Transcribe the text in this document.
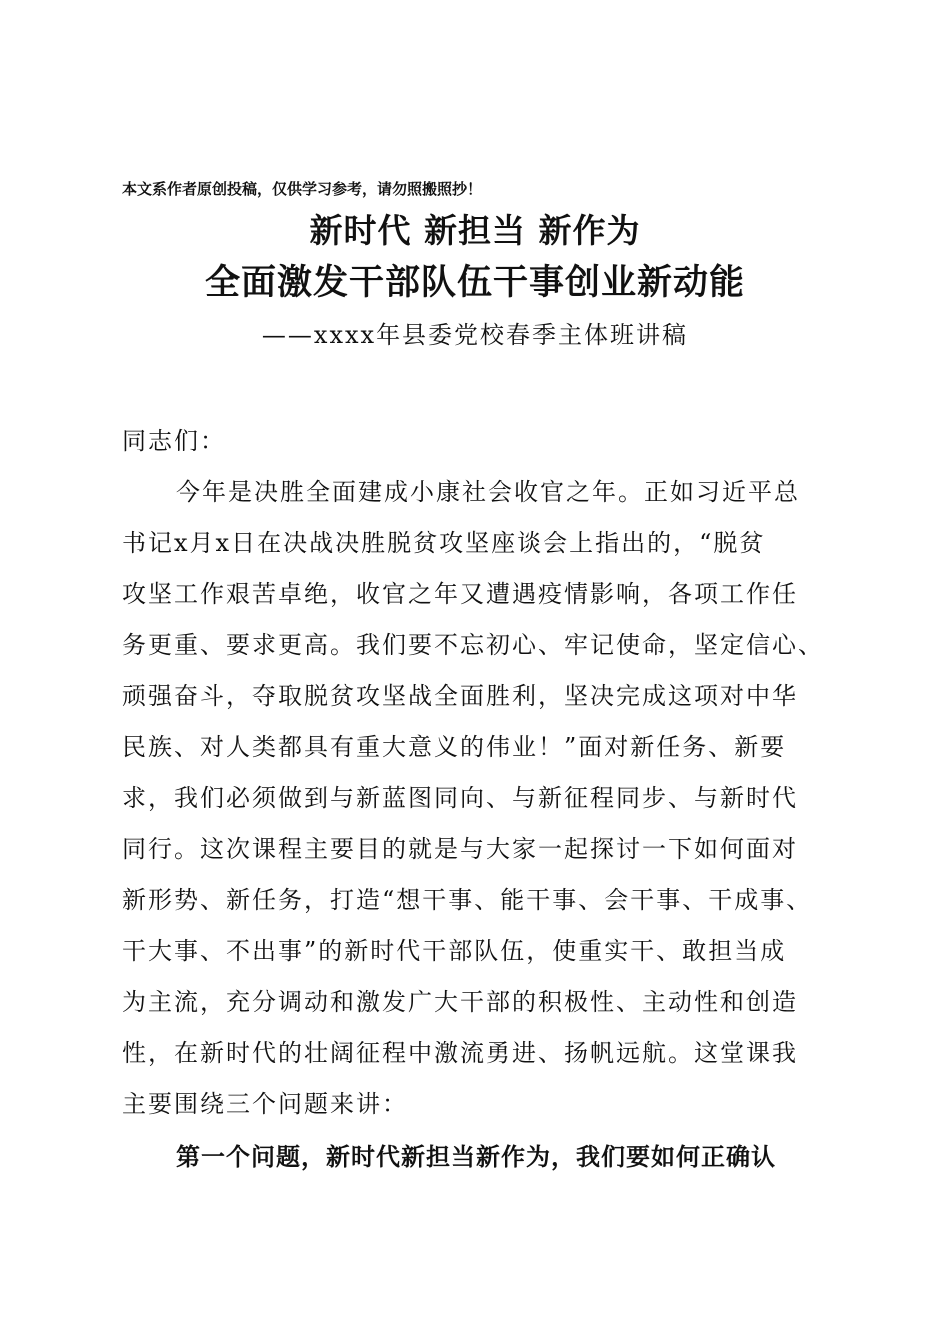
本文系作者原创投稿，仅供学习参考，请勿照搬照抄！
新时代 新担当 新作为
全面激发干部队伍干事创业新动能
——xxxx年县委党校春季主体班讲稿
同志们：
今年是决胜全面建成小康社会收官之年。正如习近平总
书记x月x日在决战决胜脱贫攻坚座谈会上指出的，“脱贫
攻坚工作艰苦卓绝，收官之年又遭遇疫情影响，各项工作任
务更重、要求更高。我们要不忘初心、牢记使命，坚定信心、
顽强奋斗，夺取脱贫攻坚战全面胜利，坚决完成这项对中华
民族、对人类都具有重大意义的伟业！”面对新任务、新要
求，我们必须做到与新蓝图同向、与新征程同步、与新时代
同行。这次课程主要目的就是与大家一起探讨一下如何面对
新形势、新任务，打造“想干事、能干事、会干事、干成事、
干大事、不出事”的新时代干部队伍，使重实干、敢担当成
为主流，充分调动和激发广大干部的积极性、主动性和创造
性，在新时代的壮阔征程中激流勇进、扬帆远航。这堂课我
主要围绕三个问题来讲：
第一个问题，新时代新担当新作为，我们要如何正确认
